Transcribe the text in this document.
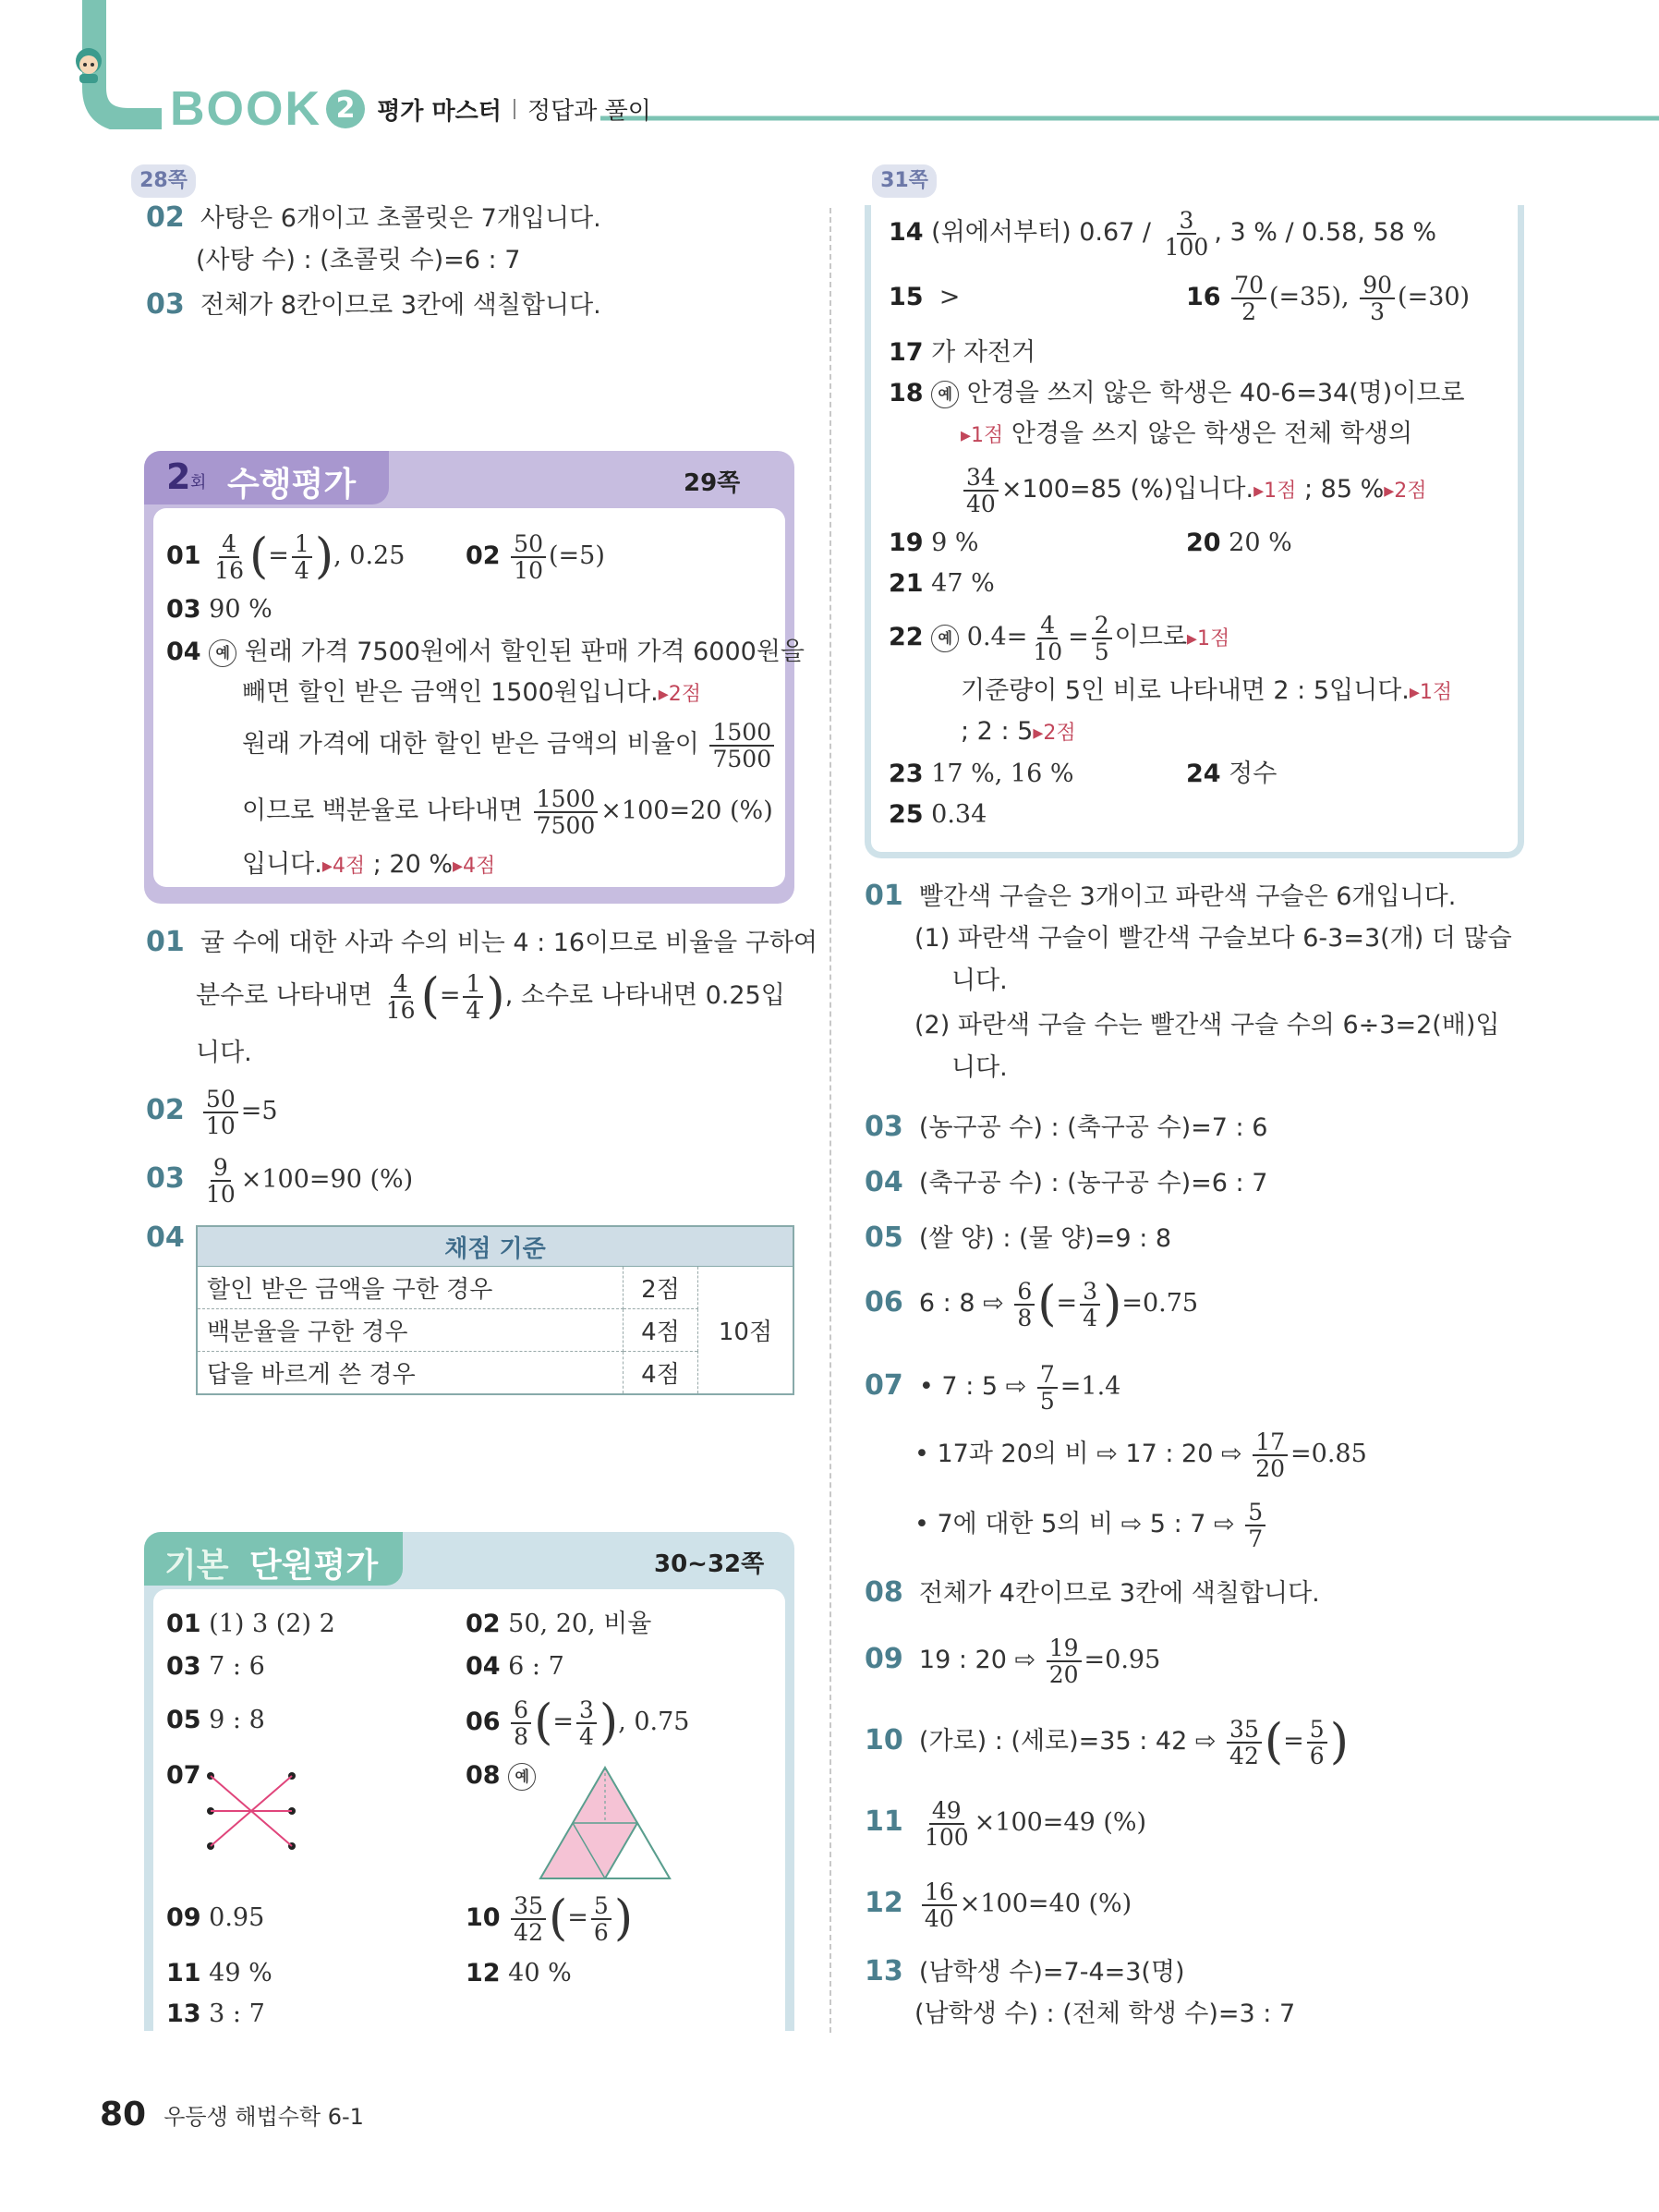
BOOK 2 평가 마스터 정답과 풀이
28쪽
02 사탕은 6개이고 초콜릿은 7개입니다.
(사탕 수) : (초콜릿 수)=6 : 7
03 전체가 8칸이므로 3칸에 색칠합니다.
2 회 수행평가	29쪽
$01 \frac{4}{16}$ (= $\frac{1}{4}$ ), 0.25 $02 \frac{50}{10} (=5)$
03 90 %
04 예 원래 가격 7500원에서 할인된 판매 가격 6000원을
빼면 할인 받은 금액인 1500원입니다.▸2점
원래 가격에 대한 할인 받은 금액의 비율이 $\frac{1500}{7500}$
이므로 백분율로 나타내면 $\frac{1500}{7500} \times 100=20$ (%)
입니다.▸4점 ; 20 %▸4점
01 귤 수에 대한 사과 수의 비는 4 : 16이므로 비율을 구하여
분수로 나타내면 $\frac{4}{16}$ (= $\frac{1}{4}$ ), 소수로 나타내면 0.25입
니다.
$02 \frac{50}{10} =5$
$03 \frac{9}{10} \times 100=90$ (%)
04	채점 기준		
할인 받은 금액을 구한 경우	2점	10점
백분율을 구한 경우	4점	
답을 바르게 쓴 경우	4점	
기본 단원평가	30~32쪽
01 (1) 3 (2) 2	02 50, 20, 비율
03 7 : 6	04 6 : 7
05 9 : 8	$06 \frac{6}{8}$ (= $\frac{3}{4}$ ), 0.75
07	08 예
09 0.95	$10 \frac{35}{42}$ (= $\frac{5}{6}$ )
11 49 %	12 40 %
13 3 : 7
31쪽
14 (위에서부터) $0.67 / \frac{3}{100}$ , 3 % / 0.58, 58 %
15 >	$16 \frac{70}{2} (=35)$, $\frac{90}{3} (=30)$
17 가 자전거
18 예 안경을 쓰지 않은 학생은 40-6=34(명)이므로
▸1점 안경을 쓰지 않은 학생은 전체 학생의
$\frac{34}{40} \times 100=85$ (%)입니다.▸1점 ; 85 %▸2점
19 9 %	20 20 %
21 47 %
22 예 $0.4= \frac{4}{10} = \frac{2}{5}$ 이므로▸1점
기준량이 5인 비로 나타내면 2 : 5입니다.▸1점
; 2 : 5▸2점
23 17 %, 16 %	24 정수
25 0.34
01 빨간색 구슬은 3개이고 파란색 구슬은 6개입니다.
(1) 파란색 구슬이 빨간색 구슬보다 6-3=3(개) 더 많습
니다.
(2) 파란색 구슬 수는 빨간색 구슬 수의 6÷3=2(배)입
니다.
03 (농구공 수) : (축구공 수)=7 : 6
04 (축구공 수) : (농구공 수)=6 : 7
05 (쌀 양) : (물 양)=9 : 8
06 6 : 8 ⇨ $\frac{6}{8}$ (= $\frac{3}{4} )=0.75$
07 • 7 : 5 ⇨ $\frac{7}{5} =1.4$
• 17과 20의 비 ⇨ 17 : 20 ⇨ $\frac{17}{20} =0.85$
• 7에 대한 5의 비 ⇨ 5 : 7 ⇨ $\frac{5}{7}$
08 전체가 4칸이므로 3칸에 색칠합니다.
09 19 : 20 ⇨ $\frac{19}{20} =0.95$
10 (가로) : (세로)=35 : 42 ⇨ $\frac{35}{42}$ (= $\frac{5}{6}$ )
$11 \frac{49}{100} \times 100=49$ (%)
$12 \frac{16}{40} \times 100=40$ (%)
13 (남학생 수)=7-4=3(명)
(남학생 수) : (전체 학생 수)=3 : 7
80 우등생 해법수학 6-1
